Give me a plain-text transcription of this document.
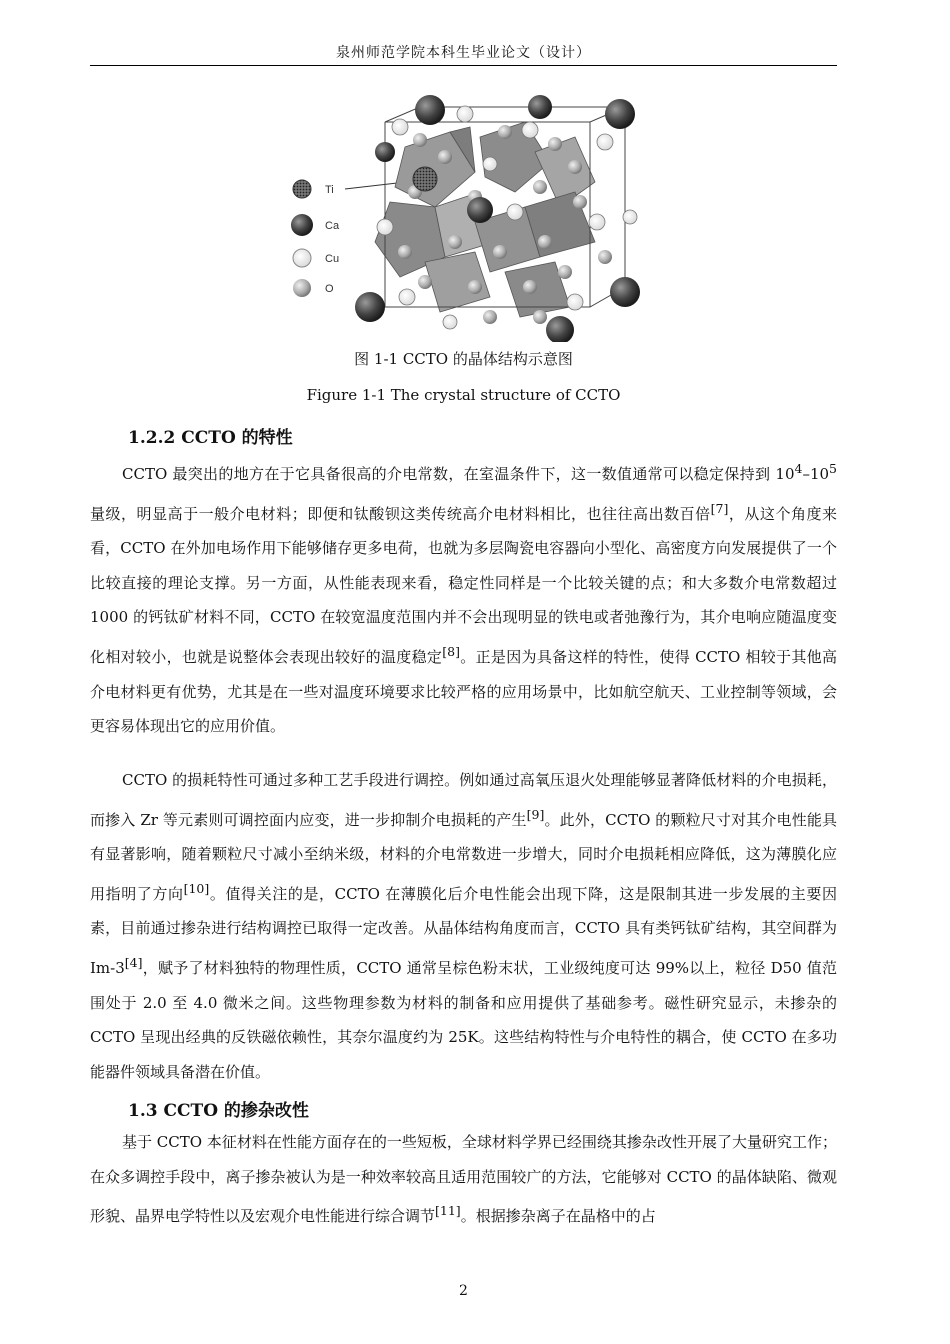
泉州师范学院本科生毕业论文（设计）
Ti
Ca
Cu
O
图 1-1 CCTO 的晶体结构示意图
Figure 1-1 The crystal structure of CCTO
1.2.2 CCTO 的特性

CCTO 最突出的地方在于它具备很高的介电常数，在室温条件下，这一数值通常可以稳定保持到 $10^4-10^5$ 量级，明显高于一般介电材料；即便和钛酸钡这类传统高介电材料相比，也往往高出数百倍[7]，从这个角度来看，CCTO 在外加电场作用下能够储存更多电荷，也就为多层陶瓷电容器向小型化、高密度方向发展提供了一个比较直接的理论支撑。另一方面，从性能表现来看，稳定性同样是一个比较关键的点；和大多数介电常数超过 1000 的钙钛矿材料不同，CCTO 在较宽温度范围内并不会出现明显的铁电或者弛豫行为，其介电响应随温度变化相对较小，也就是说整体会表现出较好的温度稳定[8]。正是因为具备这样的特性，使得 CCTO 相较于其他高介电材料更有优势，尤其是在一些对温度环境要求比较严格的应用场景中，比如航空航天、工业控制等领域，会更容易体现出它的应用价值。

CCTO 的损耗特性可通过多种工艺手段进行调控。例如通过高氧压退火处理能够显著降低材料的介电损耗，而掺入 Zr 等元素则可调控面内应变，进一步抑制介电损耗的产生[9]。此外，CCTO 的颗粒尺寸对其介电性能具有显著影响，随着颗粒尺寸减小至纳米级，材料的介电常数进一步增大，同时介电损耗相应降低，这为薄膜化应用指明了方向[10]。值得关注的是，CCTO 在薄膜化后介电性能会出现下降，这是限制其进一步发展的主要因素，目前通过掺杂进行结构调控已取得一定改善。从晶体结构角度而言，CCTO 具有类钙钛矿结构，其空间群为 Im-3[4]，赋予了材料独特的物理性质，CCTO 通常呈棕色粉末状，工业级纯度可达 99%以上，粒径 D50 值范围处于 2.0 至 4.0 微米之间。这些物理参数为材料的制备和应用提供了基础参考。磁性研究显示，未掺杂的 CCTO 呈现出经典的反铁磁依赖性，其奈尔温度约为 25K。这些结构特性与介电特性的耦合，使 CCTO 在多功能器件领域具备潜在价值。

1.3 CCTO 的掺杂改性

基于 CCTO 本征材料在性能方面存在的一些短板，全球材料学界已经围绕其掺杂改性开展了大量研究工作；在众多调控手段中，离子掺杂被认为是一种效率较高且适用范围较广的方法，它能够对 CCTO 的晶体缺陷、微观形貌、晶界电学特性以及宏观介电性能进行综合调节[11]。根据掺杂离子在晶格中的占

2
